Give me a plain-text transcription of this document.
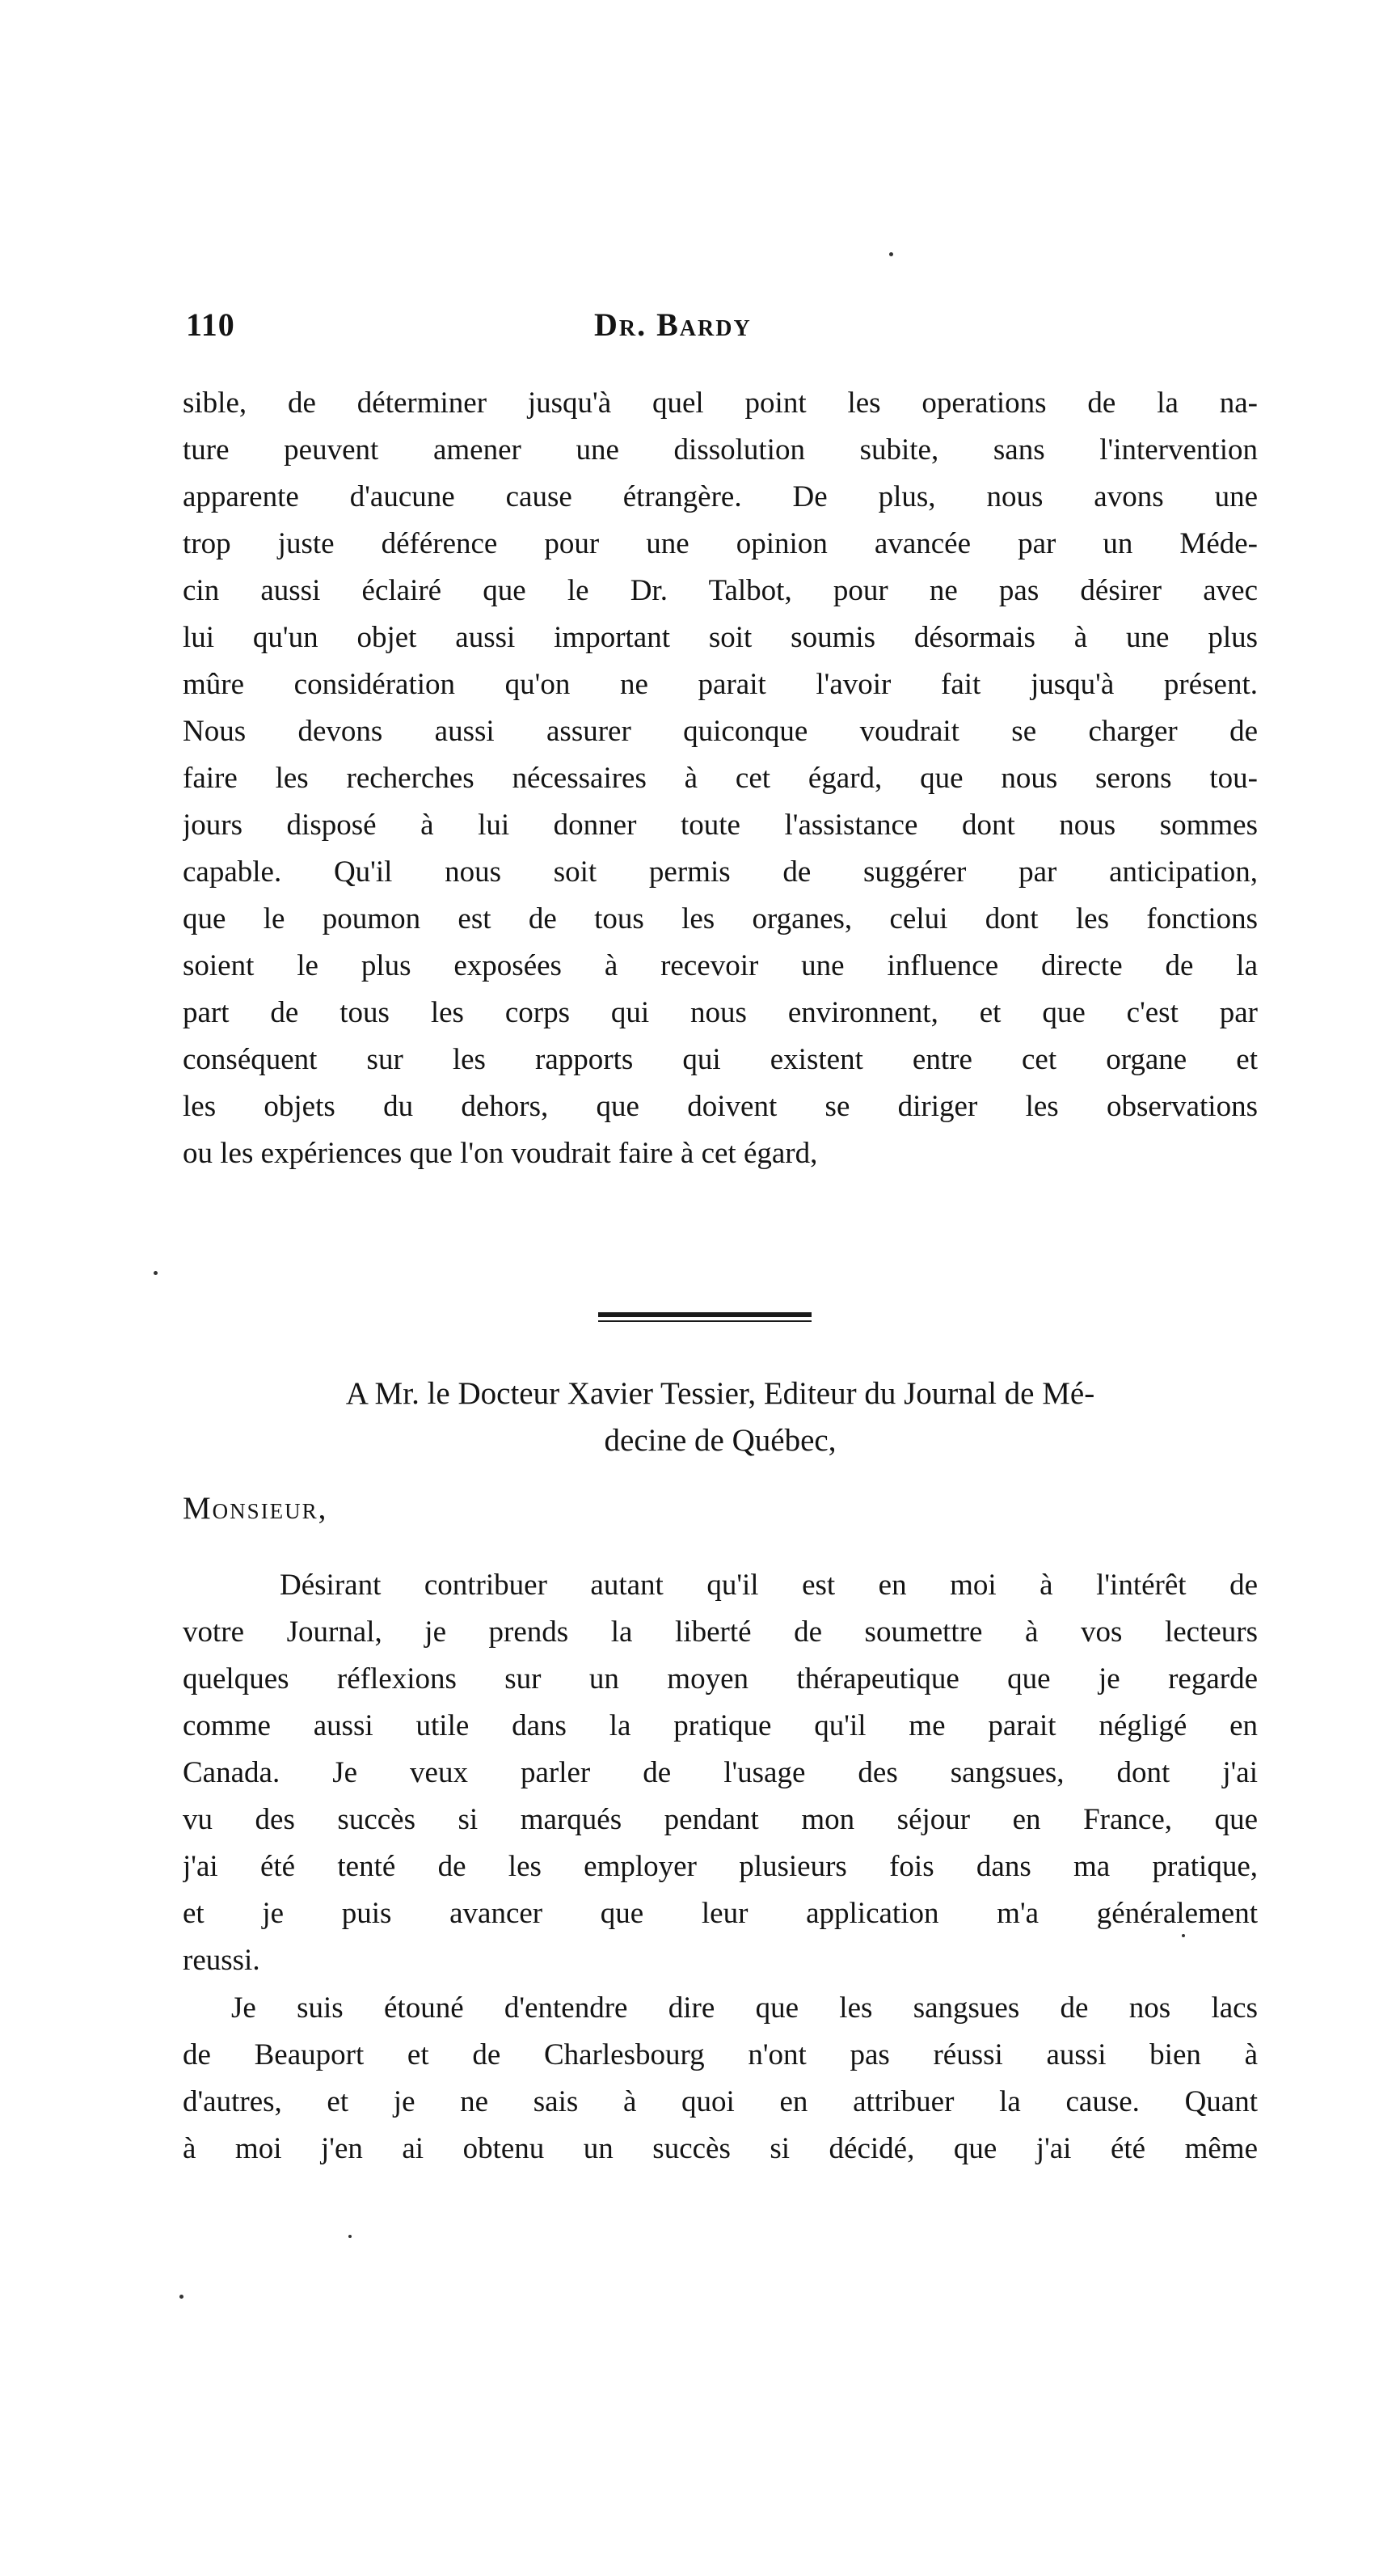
110	Dr. Bardy
sible, de déterminer jusqu'à quel point les operations de la na-
ture peuvent amener une dissolution subite, sans l'intervention
apparente d'aucune cause étrangère. De plus, nous avons une
trop juste déférence pour une opinion avancée par un Méde-
cin aussi éclairé que le Dr. Talbot, pour ne pas désirer avec
lui qu'un objet aussi important soit soumis désormais à une plus
mûre considération qu'on ne parait l'avoir fait jusqu'à présent.
Nous devons aussi assurer quiconque voudrait se charger de
faire les recherches nécessaires à cet égard, que nous serons tou-
jours disposé à lui donner toute l'assistance dont nous sommes
capable. Qu'il nous soit permis de suggérer par anticipation,
que le poumon est de tous les organes, celui dont les fonctions
soient le plus exposées à recevoir une influence directe de la
part de tous les corps qui nous environnent, et que c'est par
conséquent sur les rapports qui existent entre cet organe et
les objets du dehors, que doivent se diriger les observations
ou les expériences que l'on voudrait faire à cet égard,
A Mr. le Docteur Xavier Tessier, Editeur du Journal de Mé-
decine de Québec,
Monsieur,
Désirant contribuer autant qu'il est en moi à l'intérêt de
votre Journal, je prends la liberté de soumettre à vos lecteurs
quelques réflexions sur un moyen thérapeutique que je regarde
comme aussi utile dans la pratique qu'il me parait négligé en
Canada. Je veux parler de l'usage des sangsues, dont j'ai
vu des succès si marqués pendant mon séjour en France, que
j'ai été tenté de les employer plusieurs fois dans ma pratique,
et je puis avancer que leur application m'a généralement
reussi.
Je suis étouné d'entendre dire que les sangsues de nos lacs
de Beauport et de Charlesbourg n'ont pas réussi aussi bien à
d'autres, et je ne sais à quoi en attribuer la cause. Quant
à moi j'en ai obtenu un succès si décidé, que j'ai été même
